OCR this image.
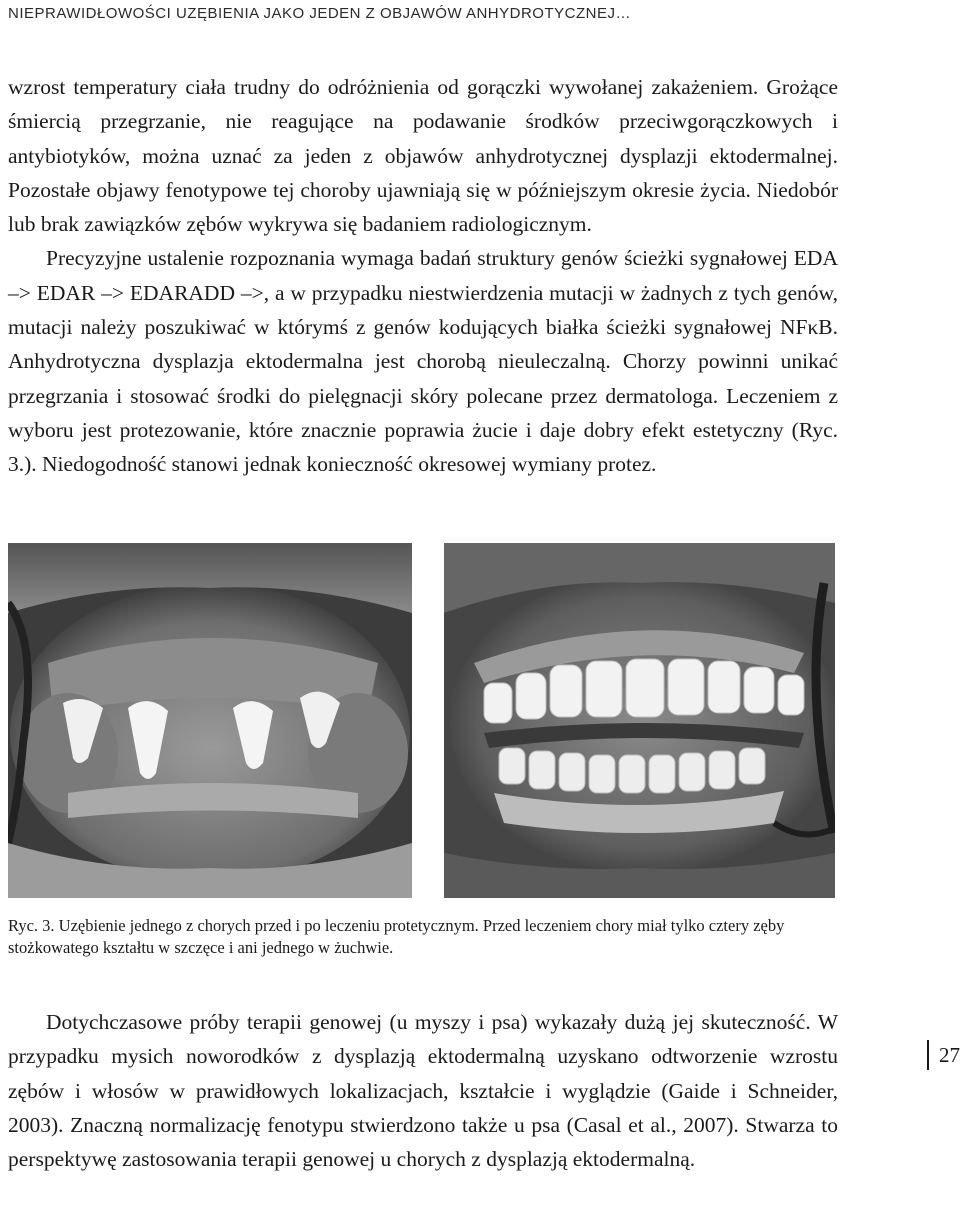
NIEPRAWIDŁOWOŚCI UZĘBIENIA JAKO JEDEN Z OBJAWÓW ANHYDROTYCZNEJ…

wzrost temperatury ciała trudny do odróżnienia od gorączki wywołanej zakażeniem. Grożące śmiercią przegrzanie, nie reagujące na podawanie środków przeciwgorączkowych i antybiotyków, można uznać za jeden z objawów anhydrotycznej dysplazji ektodermalnej. Pozostałe objawy fenotypowe tej choroby ujawniają się w późniejszym okresie życia. Niedobór lub brak zawiązków zębów wykrywa się badaniem radiologicznym.

Precyzyjne ustalenie rozpoznania wymaga badań struktury genów ścieżki sygnałowej EDA –> EDAR –> EDARADD –>, a w przypadku niestwierdzenia mutacji w żadnych z tych genów, mutacji należy poszukiwać w którymś z genów kodujących białka ścieżki sygnałowej NFκB. Anhydrotyczna dysplazja ektodermalna jest chorobą nieuleczalną. Chorzy powinni unikać przegrzania i stosować środki do pielęgnacji skóry polecane przez dermatologa. Leczeniem z wyboru jest protezowanie, które znacznie poprawia żucie i daje dobry efekt estetyczny (Ryc. 3.). Niedogodność stanowi jednak konieczność okresowej wymiany protez.

Ryc. 3. Uzębienie jednego z chorych przed i po leczeniu protetycznym. Przed leczeniem chory miał tylko cztery zęby stożkowatego kształtu w szczęce i ani jednego w żuchwie.

Dotychczasowe próby terapii genowej (u myszy i psa) wykazały dużą jej skuteczność. W przypadku mysich noworodków z dysplazją ektodermalną uzyskano odtworzenie wzrostu zębów i włosów w prawidłowych lokalizacjach, kształcie i wyglądzie (Gaide i Schneider, 2003). Znaczną normalizację fenotypu stwierdzono także u psa (Casal et al., 2007). Stwarza to perspektywę zastosowania terapii genowej u chorych z dysplazją ektodermalną.

27
